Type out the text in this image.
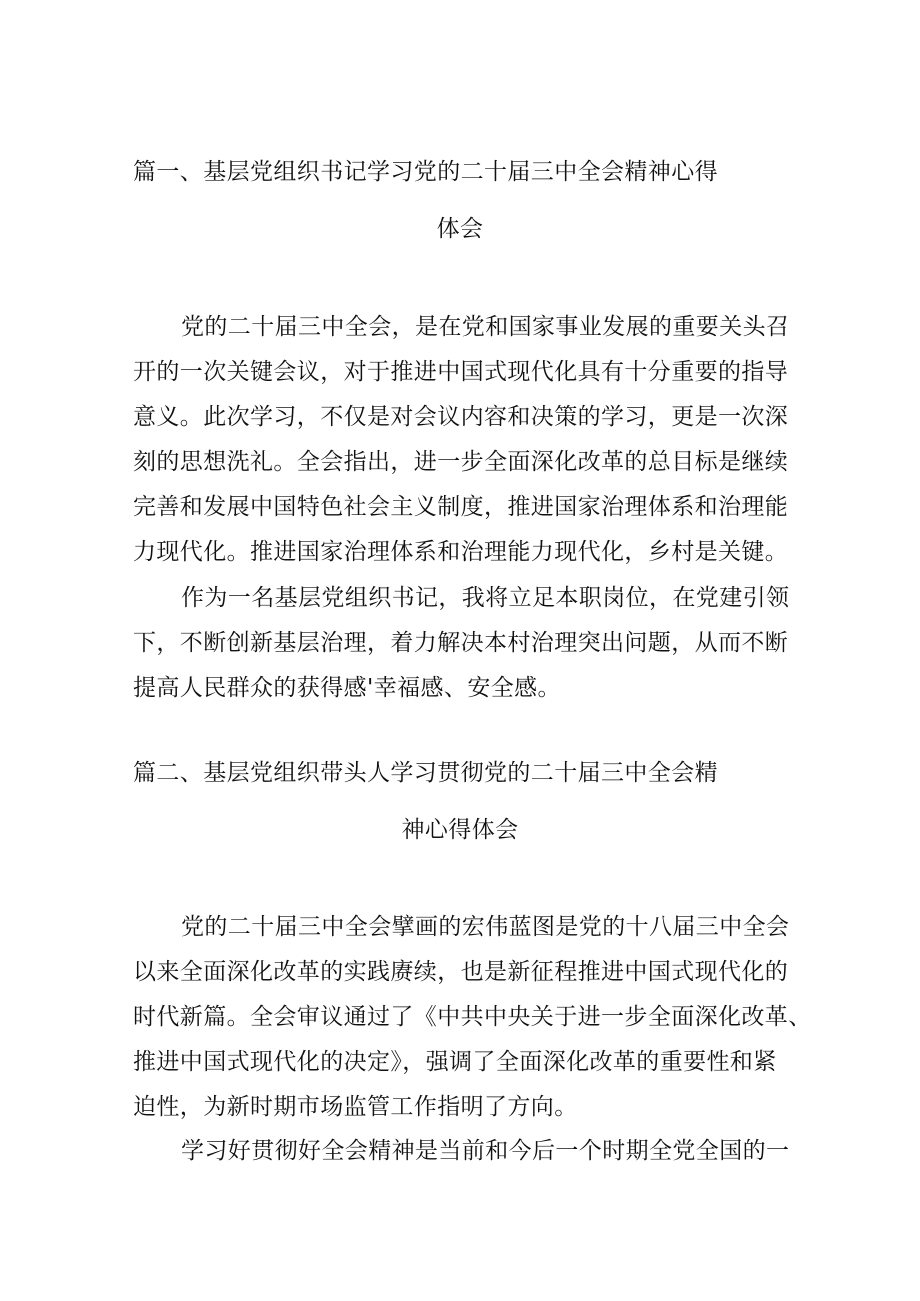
篇一、基层党组织书记学习党的二十届三中全会精神心得
体会
党的二十届三中全会，是在党和国家事业发展的重要关头召
开的一次关键会议，对于推进中国式现代化具有十分重要的指导
意义。此次学习，不仅是对会议内容和决策的学习，更是一次深
刻的思想洗礼。全会指出，进一步全面深化改革的总目标是继续
完善和发展中国特色社会主义制度，推进国家治理体系和治理能
力现代化。推进国家治理体系和治理能力现代化，乡村是关键。
作为一名基层党组织书记，我将立足本职岗位，在党建引领
下，不断创新基层治理，着力解决本村治理突出问题，从而不断
提高人民群众的获得感'幸福感、安全感。
篇二、基层党组织带头人学习贯彻党的二十届三中全会精
神心得体会
党的二十届三中全会擘画的宏伟蓝图是党的十八届三中全会
以来全面深化改革的实践赓续，也是新征程推进中国式现代化的
时代新篇。全会审议通过了《中共中央关于进一步全面深化改革、
推进中国式现代化的决定》，强调了全面深化改革的重要性和紧
迫性，为新时期市场监管工作指明了方向。
学习好贯彻好全会精神是当前和今后一个时期全党全国的一
